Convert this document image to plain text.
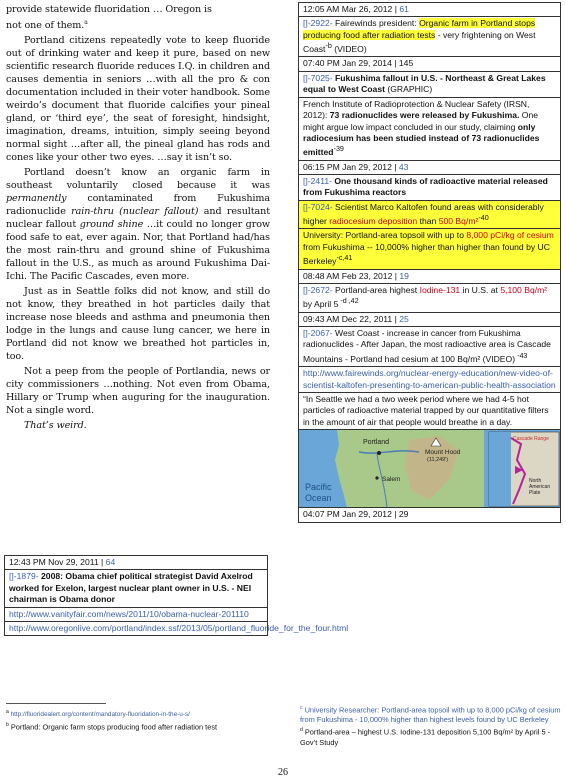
provide statewide fluoridation … Oregon is
not one of them.$^a$

Portland citizens repeatedly vote to keep fluoride out of drinking water and keep it pure, based on new scientific research fluoride reduces I.Q. in children and causes dementia in seniors …with all the pro & con documentation included in their voter handbook. Some weirdo’s document that fluoride calcifies your pineal gland, or ‘third eye’, the seat of foresight, hindsight, imagination, dreams, intuition, simply seeing beyond normal sight …after all, the pineal gland has rods and cones like your other two eyes. …say it isn’t so.

Portland doesn’t know an organic farm in southeast voluntarily closed because it was permanently contaminated from Fukushima radionuclide rain-thru (nuclear fallout) and resultant nuclear fallout ground shine …it could no longer grow food safe to eat, ever again. Nor, that Portland had/has the most rain-thru and ground shine of Fukushima fallout in the U.S., as much as around Fukushima Dai-Ichi. The Pacific Cascades, even more.

Just as in Seattle folks did not know, and still do not know, they breathed in hot particles daily that increase nose bleeds and asthma and pneumonia then lodge in the lungs and cause lung cancer, we here in Portland did not know we breathed hot particles in, too.

Not a peep from the people of Portlandia, news or city commissioners …nothing. Not even from Obama, Hillary or Trump when auguring for the inauguration. Not a single word.

That’s weird.

12:43 PM Nov 29, 2011 | 64
[]-1879- 2008: Obama chief political strategist David Axelrod worked for Exelon, largest nuclear plant owner in U.S. - NEI chairman is Obama donor
http://www.vanityfair.com/news/2011/10/obama-nuclear-201110
http://www.oregonlive.com/portland/index.ssf/2013/05/portland_fluoride_for_the_four.html
12:05 AM Mar 26, 2012 | 61
[]-2922- Fairewinds president: Organic farm in Portland stops producing food after radiation tests - very frightening on West Coast$^{-b}$ (VIDEO)
07:40 PM Jan 29, 2014 | 145
[]-7025- Fukushima fallout in U.S. - Northeast & Great Lakes equal to West Coast (GRAPHIC)
French Institute of Radioprotection & Nuclear Safety (IRSN, 2012): 73 radionuclides were released by Fukushima. One might argue low impact concluded in our study, claiming only radiocesium has been studied instead of 73 radionuclides emitted$^{-39}$
06:15 PM Jan 29, 2012 | 43
[]-2411- One thousand kinds of radioactive material released from Fukushima reactors
[]-7024- Scientist Marco Kaltofen found areas with considerably higher radiocesium deposition than 500 Bq/m²$^{-40}$
University: Portland-area topsoil with up to 8,000 pCi/kg of cesium from Fukushima -- 10,000% higher than higher than found by UC Berkeley$^{-c,41}$
08:48 AM Feb 23, 2012 | 19
[]-2672- Portland-area highest Iodine-131 in U.S. at 5,100 Bq/m² by April 5 $^{-d ,42}$
09:43 AM Dec 22, 2011 | 25
[]-2067- West Coast - increase in cancer from Fukushima radionuclides - After Japan, the most radioactive area is Cascade Mountains - Portland had cesium at 100 Bq/m² (VIDEO) $^{-43}$
http://www.fairewinds.org/nuclear-energy-education/new-video-of-scientist-kaltofen-presenting-to-american-public-health-association
“In Seattle we had a two week period where we had 4-5 hot particles of radioactive material trapped by our quantitative filters in the amount of air that people would breathe in a day.
Portland
Mount Hood
(11,249')
Salem
Pacific
Ocean
Cascade Range
North
American
Plate
04:07 PM Jan 29, 2012 | 29
$^a$ http://fluoridealert.org/content/mandatory-fluoridation-in-the-u-s/
$^b$ Portland: Organic farm stops producing food after radiation test
$^c$ University Researcher: Portland-area topsoil with up to 8,000 pCi/kg of cesium from Fukushima - 10,000% higher than highest levels found by UC Berkeley
$^d$ Portland-area – highest U.S. Iodine-131 deposition 5,100 Bq/m² by April 5 -Gov’t Study
26
